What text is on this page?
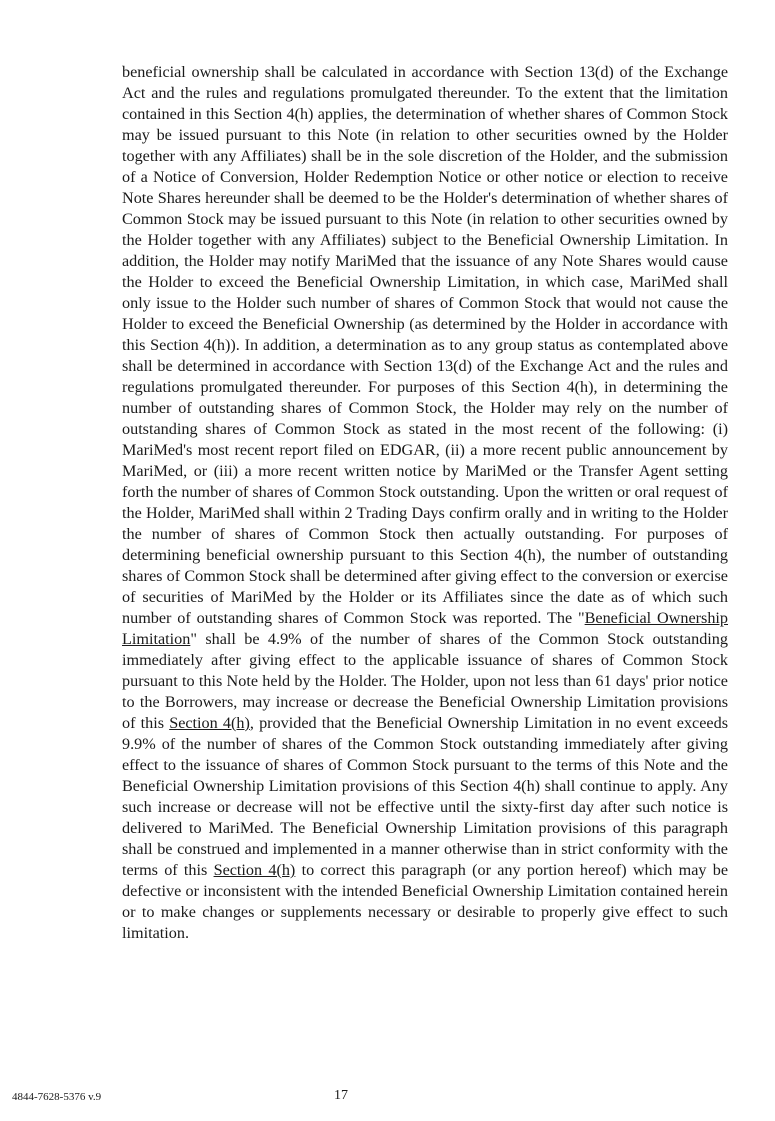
beneficial ownership shall be calculated in accordance with Section 13(d) of the Exchange Act and the rules and regulations promulgated thereunder. To the extent that the limitation contained in this Section 4(h) applies, the determination of whether shares of Common Stock may be issued pursuant to this Note (in relation to other securities owned by the Holder together with any Affiliates) shall be in the sole discretion of the Holder, and the submission of a Notice of Conversion, Holder Redemption Notice or other notice or election to receive Note Shares hereunder shall be deemed to be the Holder's determination of whether shares of Common Stock may be issued pursuant to this Note (in relation to other securities owned by the Holder together with any Affiliates) subject to the Beneficial Ownership Limitation. In addition, the Holder may notify MariMed that the issuance of any Note Shares would cause the Holder to exceed the Beneficial Ownership Limitation, in which case, MariMed shall only issue to the Holder such number of shares of Common Stock that would not cause the Holder to exceed the Beneficial Ownership (as determined by the Holder in accordance with this Section 4(h)). In addition, a determination as to any group status as contemplated above shall be determined in accordance with Section 13(d) of the Exchange Act and the rules and regulations promulgated thereunder. For purposes of this Section 4(h), in determining the number of outstanding shares of Common Stock, the Holder may rely on the number of outstanding shares of Common Stock as stated in the most recent of the following: (i) MariMed's most recent report filed on EDGAR, (ii) a more recent public announcement by MariMed, or (iii) a more recent written notice by MariMed or the Transfer Agent setting forth the number of shares of Common Stock outstanding. Upon the written or oral request of the Holder, MariMed shall within 2 Trading Days confirm orally and in writing to the Holder the number of shares of Common Stock then actually outstanding. For purposes of determining beneficial ownership pursuant to this Section 4(h), the number of outstanding shares of Common Stock shall be determined after giving effect to the conversion or exercise of securities of MariMed by the Holder or its Affiliates since the date as of which such number of outstanding shares of Common Stock was reported. The "Beneficial Ownership Limitation" shall be 4.9% of the number of shares of the Common Stock outstanding immediately after giving effect to the applicable issuance of shares of Common Stock pursuant to this Note held by the Holder. The Holder, upon not less than 61 days' prior notice to the Borrowers, may increase or decrease the Beneficial Ownership Limitation provisions of this Section 4(h), provided that the Beneficial Ownership Limitation in no event exceeds 9.9% of the number of shares of the Common Stock outstanding immediately after giving effect to the issuance of shares of Common Stock pursuant to the terms of this Note and the Beneficial Ownership Limitation provisions of this Section 4(h) shall continue to apply. Any such increase or decrease will not be effective until the sixty-first day after such notice is delivered to MariMed. The Beneficial Ownership Limitation provisions of this paragraph shall be construed and implemented in a manner otherwise than in strict conformity with the terms of this Section 4(h) to correct this paragraph (or any portion hereof) which may be defective or inconsistent with the intended Beneficial Ownership Limitation contained herein or to make changes or supplements necessary or desirable to properly give effect to such limitation.

4844-7628-5376 v.9	17
